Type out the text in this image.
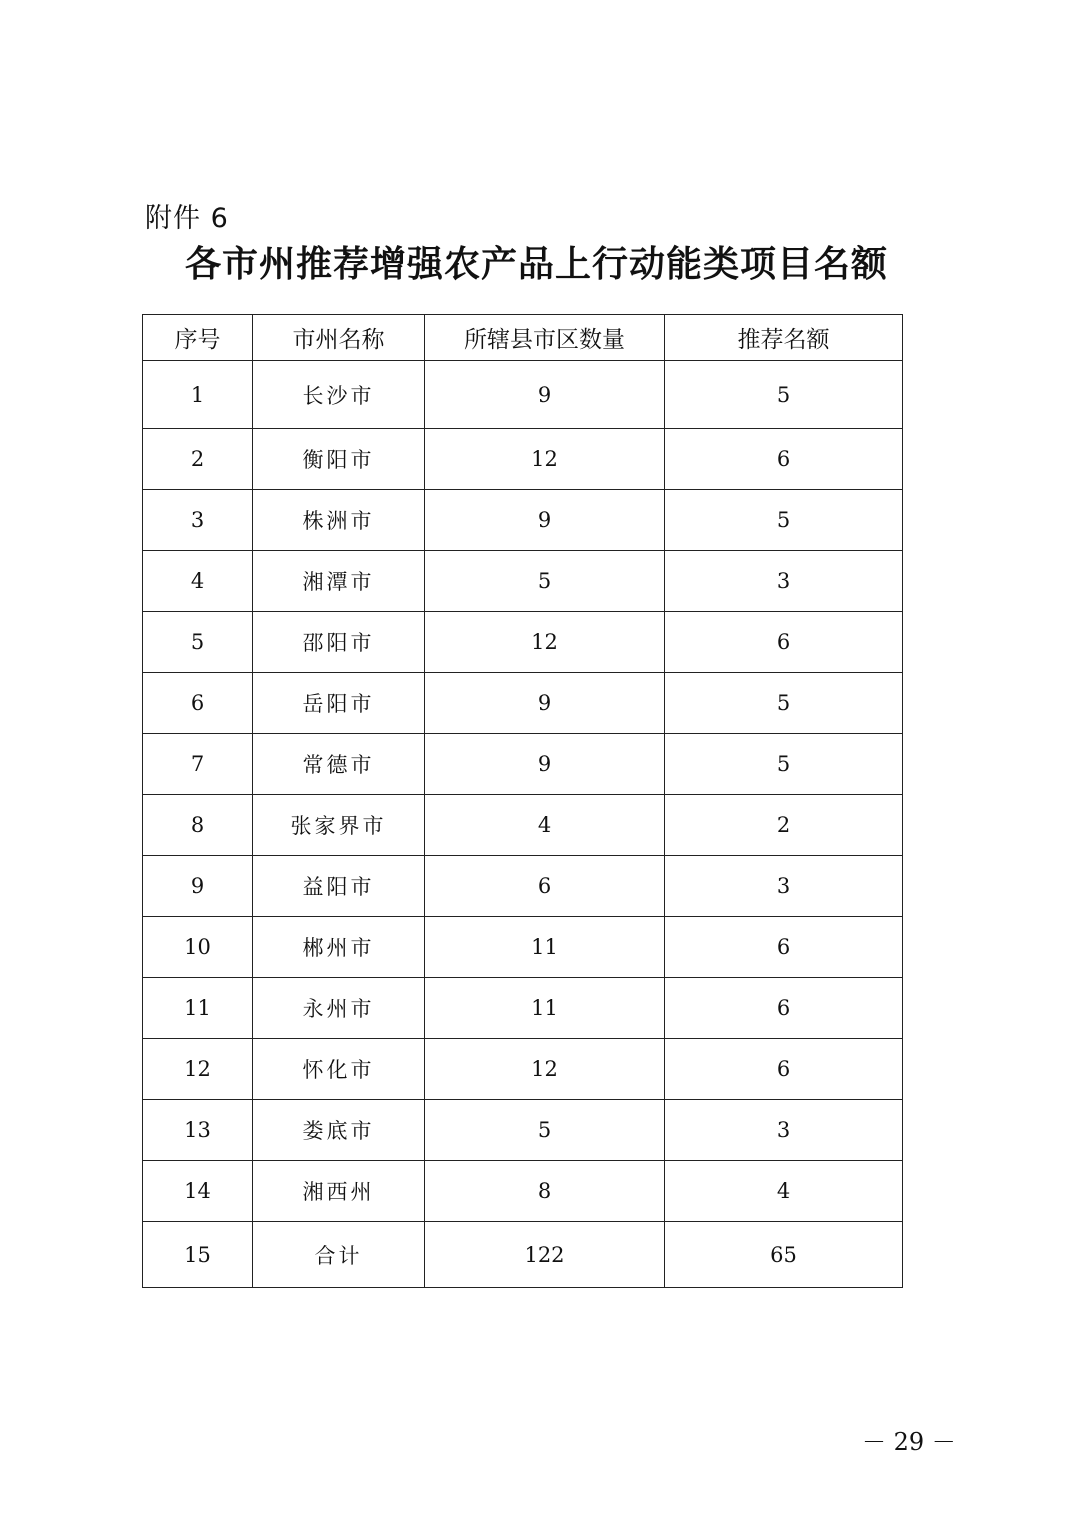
附件 6
各市州推荐增强农产品上行动能类项目名额
序号	市州名称	所辖县市区数量	推荐名额
1	长沙市	9	5
2	衡阳市	12	6
3	株洲市	9	5
4	湘潭市	5	3
5	邵阳市	12	6
6	岳阳市	9	5
7	常德市	9	5
8	张家界市	4	2
9	益阳市	6	3
10	郴州市	11	6
11	永州市	11	6
12	怀化市	12	6
13	娄底市	5	3
14	湘西州	8	4
15	合计	122	65
－ 29 －
